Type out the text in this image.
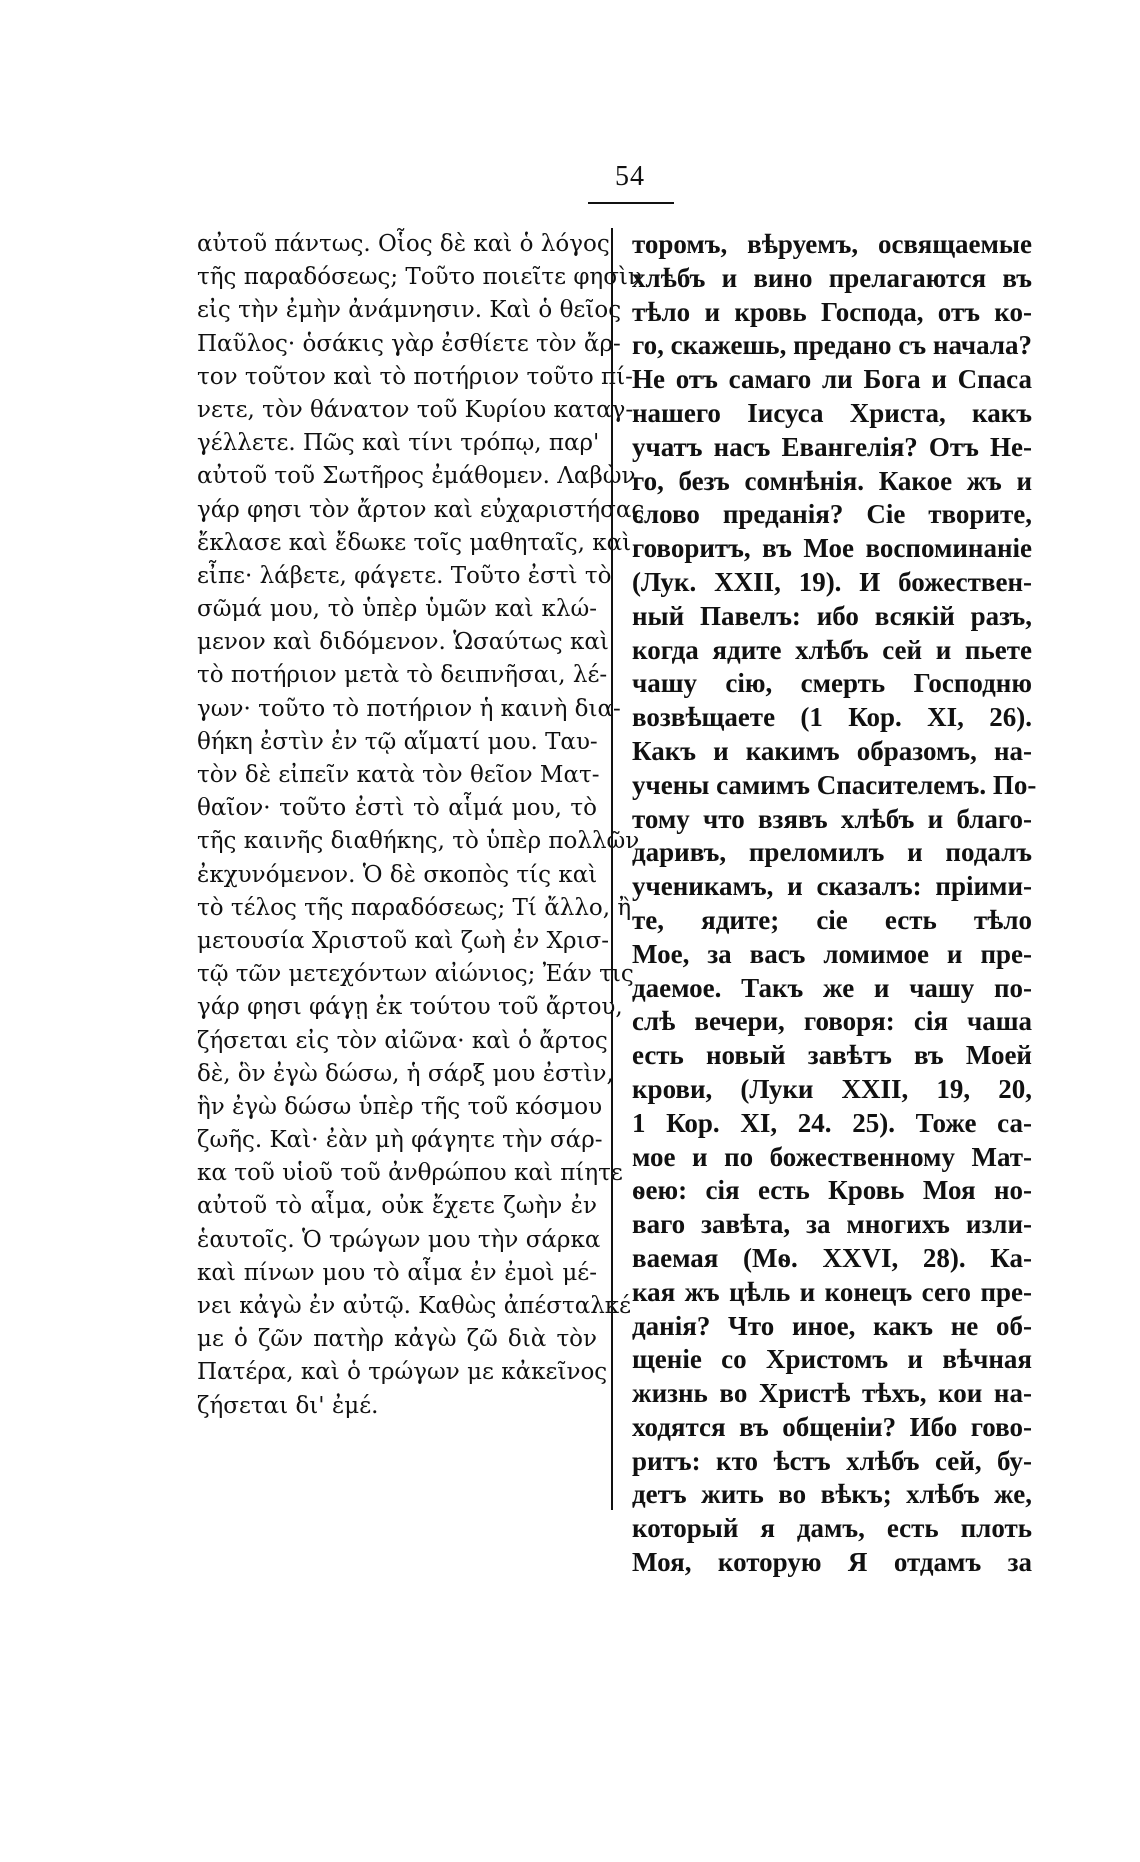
54
αὐτοῦ πάντως. Οἷος δὲ καὶ ὁ λόγος
τῆς παραδόσεως; Τοῦτο ποιεῖτε φησὶν
εἰς τὴν ἐμὴν ἀνάμνησιν. Καὶ ὁ θεῖος
Παῦλος· ὁσάκις γὰρ ἐσθίετε τὸν ἄρ-
τον τοῦτον καὶ τὸ ποτήριον τοῦτο πί-
νετε, τὸν θάνατον τοῦ Κυρίου καταγ-
γέλλετε. Πῶς καὶ τίνι τρόπῳ, παρ'
αὐτοῦ τοῦ Σωτῆρος ἐμάθομεν. Λαβὼν
γάρ φησι τὸν ἄρτον καὶ εὐχαριστήσας
ἔκλασε καὶ ἔδωκε τοῖς μαθηταῖς, καὶ
εἶπε· λάβετε, φάγετε. Τοῦτο ἐστὶ τὸ
σῶμά μου, τὸ ὑπὲρ ὑμῶν καὶ κλώ-
μενον καὶ διδόμενον. Ὡσαύτως καὶ
τὸ ποτήριον μετὰ τὸ δειπνῆσαι, λέ-
γων· τοῦτο τὸ ποτήριον ἡ καινὴ δια-
θήκη ἐστὶν ἐν τῷ αἵματί μου. Ταυ-
τὸν δὲ εἰπεῖν κατὰ τὸν θεῖον Ματ-
θαῖον· τοῦτο ἐστὶ τὸ αἷμά μου, τὸ
τῆς καινῆς διαθήκης, τὸ ὑπὲρ πολλῶν
ἐκχυνόμενον. Ὁ δὲ σκοπὸς τίς καὶ
τὸ τέλος τῆς παραδόσεως; Τί ἄλλο, ἢ
μετουσία Χριστοῦ καὶ ζωὴ ἐν Χρισ-
τῷ τῶν μετεχόντων αἰώνιος; Ἐάν τις
γάρ φησι φάγῃ ἐκ τούτου τοῦ ἄρτου,
ζήσεται εἰς τὸν αἰῶνα· καὶ ὁ ἄρτος
δὲ, ὃν ἐγὼ δώσω, ἡ σάρξ μου ἐστὶν,
ἣν ἐγὼ δώσω ὑπὲρ τῆς τοῦ κόσμου
ζωῆς. Καὶ· ἐὰν μὴ φάγητε τὴν σάρ-
κα τοῦ υἱοῦ τοῦ ἀνθρώπου καὶ πίητε
αὐτοῦ τὸ αἷμα, οὐκ ἔχετε ζωὴν ἐν
ἑαυτοῖς. Ὁ τρώγων μου τὴν σάρκα
καὶ πίνων μου τὸ αἷμα ἐν ἐμοὶ μέ-
νει κἀγὼ ἐν αὐτῷ. Καθὼς ἀπέσταλκέ
με ὁ ζῶν πατὴρ κἀγὼ ζῶ διὰ τὸν
Πατέρα, καὶ ὁ τρώγων με κἀκεῖνος
ζήσεται δι' ἐμέ.
торомъ, вѣруемъ, освящаемые
хлѣбъ и вино прелагаются въ
тѣло и кровь Господа, отъ ко-
го, скажешь, предано съ начала?
Не отъ самаго ли Бога и Спаса
нашего Іисуса Христа, какъ
учатъ насъ Евангелія? Отъ Не-
го, безъ сомнѣнія. Какое жъ и
слово преданія? Сіе творите,
говоритъ, въ Мое воспоминаніе
(Лук. XXII, 19). И божествен-
ный Павелъ: ибо всякій разъ,
когда ядите хлѣбъ сей и пьете
чашу сію, смерть Господню
возвѣщаете (1 Кор. XI, 26).
Какъ и какимъ образомъ, на-
учены самимъ Спасителемъ. По-
тому что взявъ хлѣбъ и благо-
даривъ, преломилъ и подалъ
ученикамъ, и сказалъ: пріими-
те, ядите; сіе есть тѣло
Мое, за васъ ломимое и пре-
даемое. Такъ же и чашу по-
слѣ вечери, говоря: сія чаша
есть новый завѣтъ въ Моей
крови, (Луки XXII, 19, 20,
1 Кор. XI, 24. 25). Тоже са-
мое и по божественному Мат-
ѳею: сія есть Кровь Моя но-
ваго завѣта, за многихъ изли-
ваемая (Мѳ. XXVI, 28). Ка-
кая жъ цѣль и конецъ сего пре-
данія? Что иное, какъ не об-
щеніе со Христомъ и вѣчная
жизнь во Христѣ тѣхъ, кои на-
ходятся въ общеніи? Ибо гово-
ритъ: кто ѣстъ хлѣбъ сей, бу-
детъ жить во вѣкъ; хлѣбъ же,
который я дамъ, есть плоть
Моя, которую Я отдамъ за
